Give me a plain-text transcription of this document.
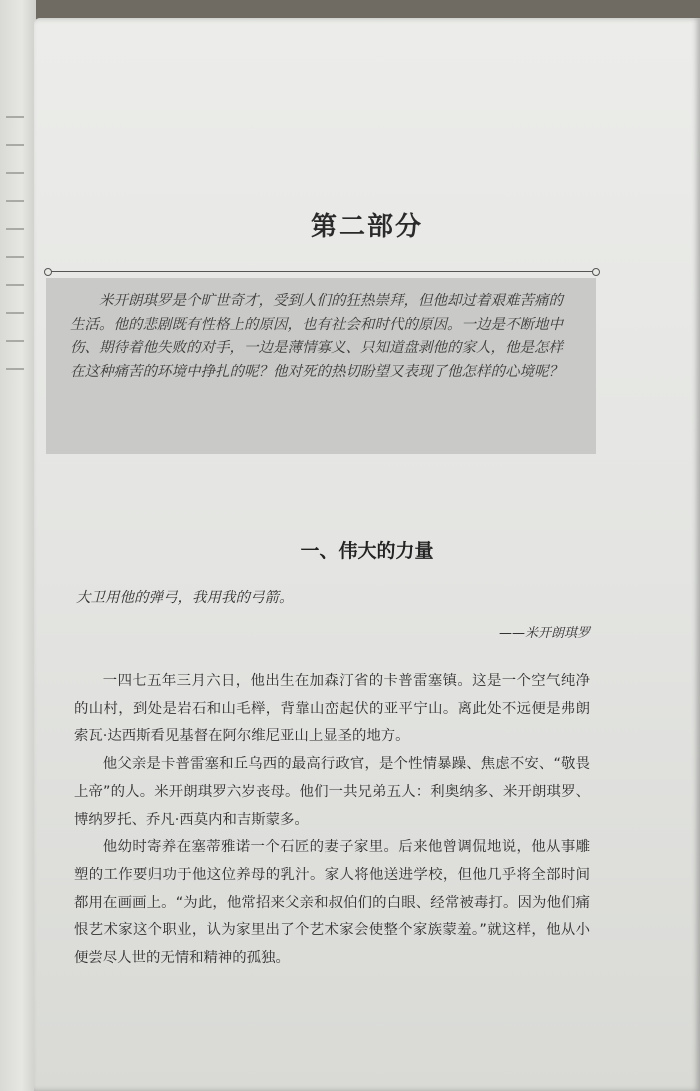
第二部分

米开朗琪罗是个旷世奇才，受到人们的狂热崇拜，但他却过着艰难苦痛的生活。他的悲剧既有性格上的原因，也有社会和时代的原因。一边是不断地中伤、期待着他失败的对手，一边是薄情寡义、只知道盘剥他的家人，他是怎样在这种痛苦的环境中挣扎的呢？他对死的热切盼望又表现了他怎样的心境呢？

一、伟大的力量
大卫用他的弹弓，我用我的弓箭。
——米开朗琪罗

一四七五年三月六日，他出生在加森汀省的卡普雷塞镇。这是一个空气纯净的山村，到处是岩石和山毛榉，背靠山峦起伏的亚平宁山。离此处不远便是弗朗索瓦·达西斯看见基督在阿尔维尼亚山上显圣的地方。

他父亲是卡普雷塞和丘乌西的最高行政官，是个性情暴躁、焦虑不安、“敬畏上帝”的人。米开朗琪罗六岁丧母。他们一共兄弟五人：利奥纳多、米开朗琪罗、博纳罗托、乔凡·西莫内和吉斯蒙多。

他幼时寄养在塞蒂雅诺一个石匠的妻子家里。后来他曾调侃地说，他从事雕塑的工作要归功于他这位养母的乳汁。家人将他送进学校，但他几乎将全部时间都用在画画上。“为此，他常招来父亲和叔伯们的白眼、经常被毒打。因为他们痛恨艺术家这个职业，认为家里出了个艺术家会使整个家族蒙羞。”就这样，他从小便尝尽人世的无情和精神的孤独。
